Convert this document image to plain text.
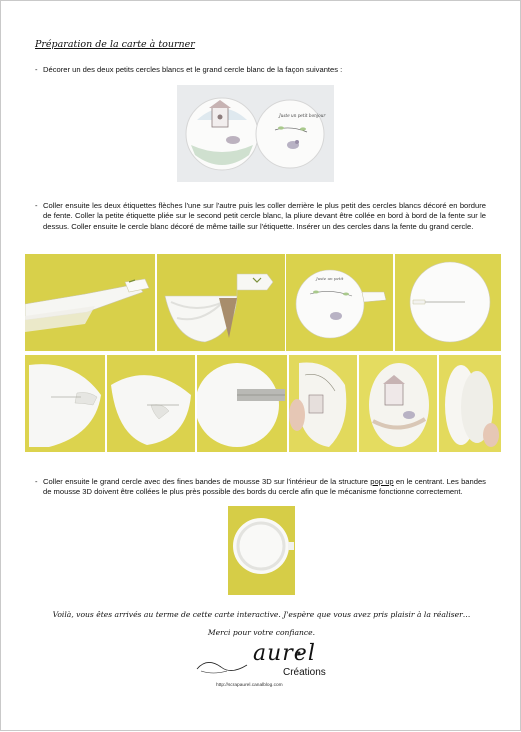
Préparation de la carte à tourner
- Décorer un des deux petits cercles blancs et le grand cercle blanc de la façon suivantes :
Juste un petit bonjour
- Coller ensuite les deux étiquettes flèches l'une sur l'autre puis les coller derrière le plus petit des cercles blancs décoré en bordure de fente. Coller la petite étiquette pliée sur le second petit cercle blanc, la pliure devant être collée en bord à bord de la fente sur le dessus. Coller ensuite le cercle blanc décoré de même taille sur l'étiquette. Insérer un des cercles dans la fente du grand cercle.
Juste un petit
- Coller ensuite le grand cercle avec des fines bandes de mousse 3D sur l'intérieur de la structure pop up en le centrant. Les bandes de mousse 3D doivent être collées le plus près possible des bords du cercle afin que le mécanisme fonctionne correctement.
Voilà, vous êtes arrivés au terme de cette carte interactive. J'espère que vous avez pris plaisir à la réaliser…
Merci pour votre confiance.
aurel
Créations
http://scrapaurel.canalblog.com
